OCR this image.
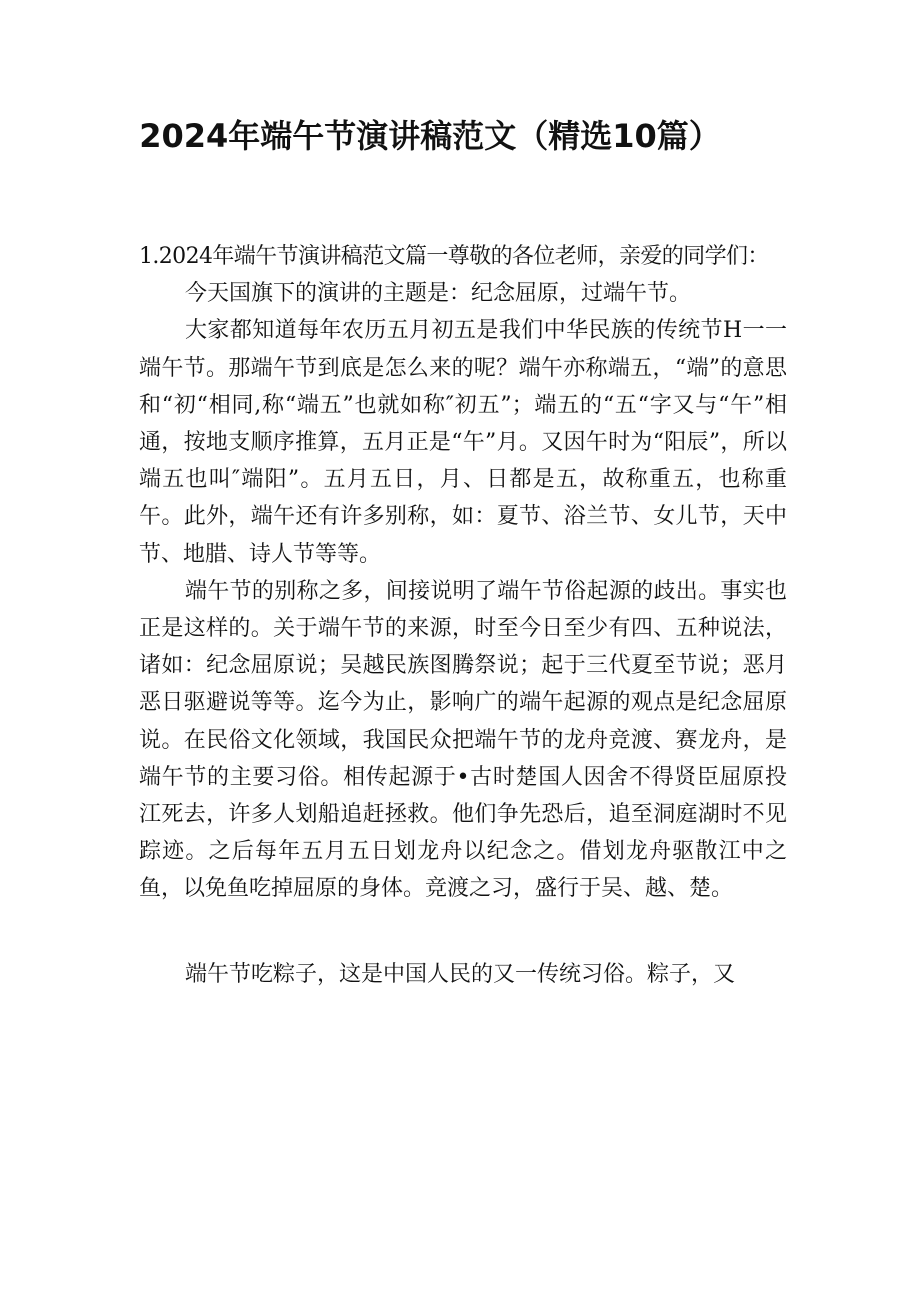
2024年端午节演讲稿范文（精选10篇）

1.2024年端午节演讲稿范文篇一尊敬的各位老师，亲爱的同学们：

今天国旗下的演讲的主题是：纪念屈原，过端午节。

大家都知道每年农历五月初五是我们中华民族的传统节H一一端午节。那端午节到底是怎么来的呢？端午亦称端五，“端”的意思和“初“相同,称“端五”也就如称″初五”；端五的“五“字又与“午”相通，按地支顺序推算，五月正是“午”月。又因午时为“阳辰”，所以端五也叫″端阳”。五月五日，月、日都是五，故称重五，也称重午。此外，端午还有许多别称，如：夏节、浴兰节、女儿节，天中节、地腊、诗人节等等。

端午节的别称之多，间接说明了端午节俗起源的歧出。事实也正是这样的。关于端午节的来源，时至今日至少有四、五种说法，诸如：纪念屈原说；吴越民族图腾祭说；起于三代夏至节说；恶月恶日驱避说等等。迄今为止，影响广的端午起源的观点是纪念屈原说。在民俗文化领域，我国民众把端午节的龙舟竞渡、赛龙舟，是端午节的主要习俗。相传起源于•古时楚国人因舍不得贤臣屈原投江死去，许多人划船追赶拯救。他们争先恐后，追至洞庭湖时不见踪迹。之后每年五月五日划龙舟以纪念之。借划龙舟驱散江中之鱼，以免鱼吃掉屈原的身体。竞渡之习，盛行于吴、越、楚。

端午节吃粽子，这是中国人民的又一传统习俗。粽子，又
